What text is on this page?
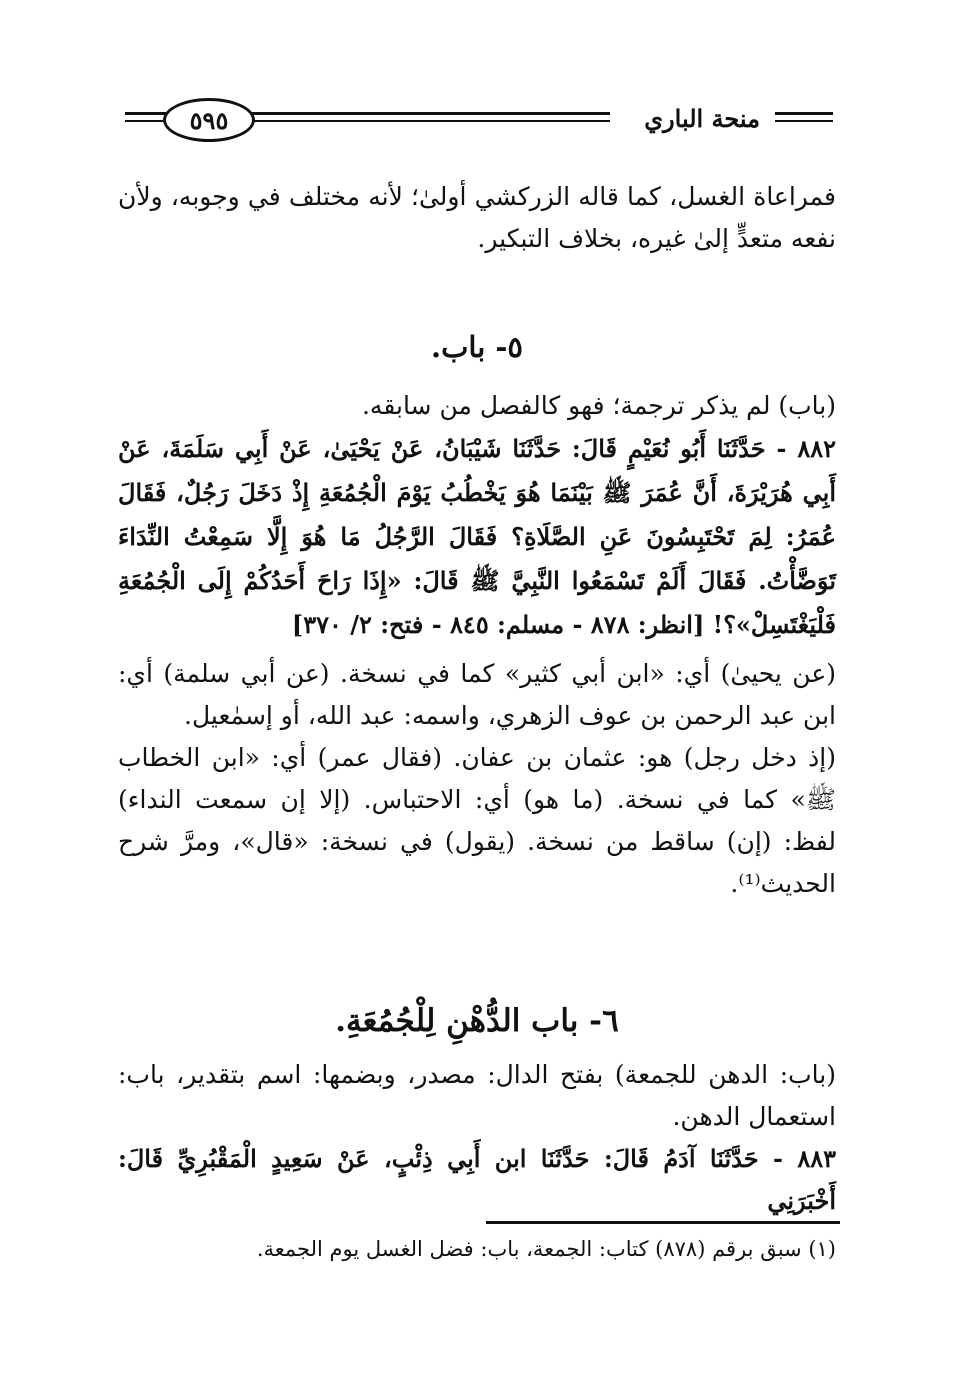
٥٩٥	منحة الباري

فمراعاة الغسل، كما قاله الزركشي أولىٰ؛ لأنه مختلف في وجوبه، ولأن نفعه متعدٍّ إلىٰ غيره، بخلاف التبكير.

٥- باب.

(باب) لم يذكر ترجمة؛ فهو كالفصل من سابقه.

٨٨٢ - حَدَّثَنَا أَبُو نُعَيْمٍ قَالَ: حَدَّثَنَا شَيْبَانُ، عَنْ يَحْيَىٰ، عَنْ أَبِي سَلَمَةَ، عَنْ أَبِي هُرَيْرَةَ، أَنَّ عُمَرَ ﷺ بَيْنَمَا هُوَ يَخْطُبُ يَوْمَ الْجُمُعَةِ إِذْ دَخَلَ رَجُلٌ، فَقَالَ عُمَرُ: لِمَ تَحْتَبِسُونَ عَنِ الصَّلَاةِ؟ فَقَالَ الرَّجُلُ مَا هُوَ إِلَّا سَمِعْتُ النِّدَاءَ تَوَضَّأْتُ. فَقَالَ أَلَمْ تَسْمَعُوا النَّبِيَّ ﷺ قَالَ: «إِذَا رَاحَ أَحَدُكُمْ إِلَى الْجُمُعَةِ فَلْيَغْتَسِلْ»؟! [انظر: ٨٧٨ - مسلم: ٨٤٥ - فتح: ٢/ ٣٧٠]

(عن يحيىٰ) أي: «ابن أبي كثير» كما في نسخة. (عن أبي سلمة) أي: ابن عبد الرحمن بن عوف الزهري، واسمه: عبد الله، أو إسمٰعيل.

(إذ دخل رجل) هو: عثمان بن عفان. (فقال عمر) أي: «ابن الخطاب ﷺ» كما في نسخة. (ما هو) أي: الاحتباس. (إلا إن سمعت النداء) لفظ: (إن) ساقط من نسخة. (يقول) في نسخة: «قال»، ومرَّ شرح الحديث⁽¹⁾.

٦- باب الدُّهْنِ لِلْجُمُعَةِ.

(باب: الدهن للجمعة) بفتح الدال: مصدر، وبضمها: اسم بتقدير، باب: استعمال الدهن.

٨٨٣ - حَدَّثَنَا آدَمُ قَالَ: حَدَّثَنَا ابن أَبِي ذِئْبٍ، عَنْ سَعِيدٍ الْمَقْبُرِيِّ قَالَ: أَخْبَرَنِي

(١) سبق برقم (٨٧٨) كتاب: الجمعة، باب: فضل الغسل يوم الجمعة.
